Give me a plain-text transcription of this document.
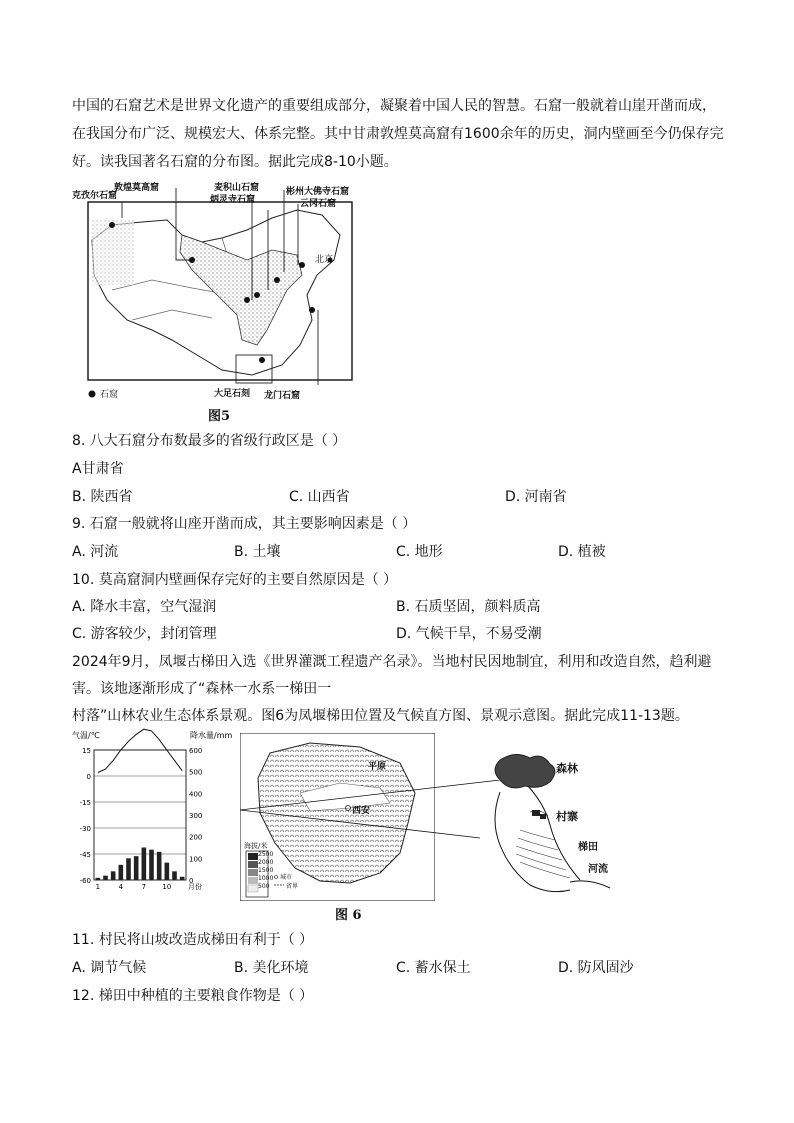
中国的石窟艺术是世界文化遗产的重要组成部分，凝聚着中国人民的智慧。石窟一般就着山崖开凿而成，
在我国分布广泛、规模宏大、体系完整。其中甘肃敦煌莫高窟有1600余年的历史，洞内壁画至今仍保存完
好。读我国著名石窟的分布图。据此完成8-10小题。
克孜尔石窟
敦煌莫高窟	麦积山石窟
炳灵寺石窟
彬州大佛寺石窟
云冈石窟
北京
大足石刻 龙门石窟
石窟
图5
8. 八大石窟分布数最多的省级行政区是（ ）
A甘肃省
B. 陕西省	C. 山西省	D. 河南省
9. 石窟一般就将山座开凿而成，其主要影响因素是（ ）
A. 河流	B. 土壤	C. 地形	D. 植被
10. 莫高窟洞内壁画保存完好的主要自然原因是（ ）
A. 降水丰富，空气湿润	B. 石质坚固，颜料质高
C. 游客较少，封闭管理	D. 气候干旱，不易受潮
2024年9月，凤堰古梯田入选《世界灌溉工程遗产名录》。当地村民因地制宜，利用和改造自然，趋利避
害。该地逐渐形成了“森林一水系一梯田一
村落”山林农业生态体系景观。图6为凤堰梯田位置及气候直方图、景观示意图。据此完成11-13题。
气温/℃	降水量/mm
15
0
-15
-30
-45
-60
600
500
400
300
200
100
0
1	4	7 10 月份
平原
西安
海拔/米
2500
2000
1500
1000
500
城市
省界
森林
村寨
梯田
河流
图 6
11. 村民将山坡改造成梯田有利于（ ）
A. 调节气候	B. 美化环境	C. 蓄水保土	D. 防风固沙
12. 梯田中种植的主要粮食作物是（ ）
